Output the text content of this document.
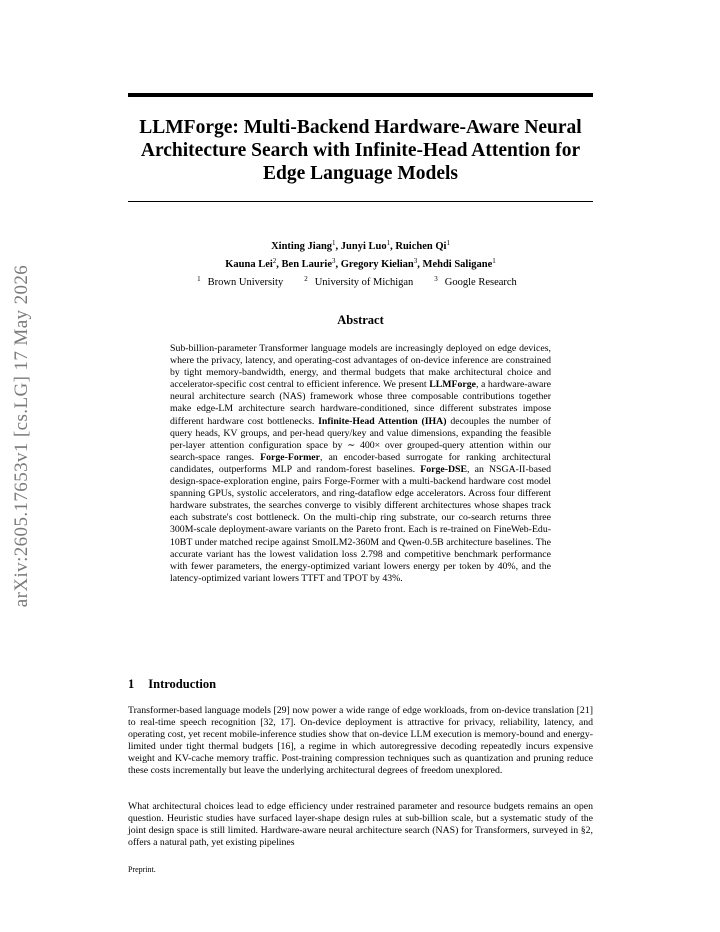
arXiv:2605.17653v1 [cs.LG] 17 May 2026
LLMForge: Multi-Backend Hardware-Aware Neural Architecture Search with Infinite-Head Attention for Edge Language Models
Xinting Jiang$^1$, Junyi Luo$^1$, Ruichen Qi$^1$
Kauna Lei$^2$, Ben Laurie$^3$, Gregory Kielian$^3$, Mehdi Saligane$^1$
$^1$ Brown University	$^2$ University of Michigan	$^3$ Google Research
Abstract
Sub-billion-parameter Transformer language models are increasingly deployed on edge devices, where the privacy, latency, and operating-cost advantages of on-device inference are constrained by tight memory-bandwidth, energy, and thermal budgets that make architectural choice and accelerator-specific cost central to efficient inference. We present LLMForge, a hardware-aware neural architecture search (NAS) framework whose three composable contributions together make edge-LM architecture search hardware-conditioned, since different substrates impose different hardware cost bottlenecks. Infinite-Head Attention (IHA) decouples the number of query heads, KV groups, and per-head query/key and value dimensions, expanding the feasible per-layer attention configuration space by ∼ 400× over grouped-query attention within our search-space ranges. Forge-Former, an encoder-based surrogate for ranking architectural candidates, outperforms MLP and random-forest baselines. Forge-DSE, an NSGA-II-based design-space-exploration engine, pairs Forge-Former with a multi-backend hardware cost model spanning GPUs, systolic accelerators, and ring-dataflow edge accelerators. Across four different hardware substrates, the searches converge to visibly different architectures whose shapes track each substrate's cost bottleneck. On the multi-chip ring substrate, our co-search returns three 300M-scale deployment-aware variants on the Pareto front. Each is re-trained on FineWeb-Edu-10BT under matched recipe against SmolLM2-360M and Qwen-0.5B architecture baselines. The accurate variant has the lowest validation loss 2.798 and competitive benchmark performance with fewer parameters, the energy-optimized variant lowers energy per token by 40%, and the latency-optimized variant lowers TTFT and TPOT by 43%.
1 Introduction
Transformer-based language models [29] now power a wide range of edge workloads, from on-device translation [21] to real-time speech recognition [32, 17]. On-device deployment is attractive for privacy, reliability, latency, and operating cost, yet recent mobile-inference studies show that on-device LLM execution is memory-bound and energy-limited under tight thermal budgets [16], a regime in which autoregressive decoding repeatedly incurs expensive weight and KV-cache memory traffic. Post-training compression techniques such as quantization and pruning reduce these costs incrementally but leave the underlying architectural degrees of freedom unexplored.
What architectural choices lead to edge efficiency under restrained parameter and resource budgets remains an open question. Heuristic studies have surfaced layer-shape design rules at sub-billion scale, but a systematic study of the joint design space is still limited. Hardware-aware neural architecture search (NAS) for Transformers, surveyed in §2, offers a natural path, yet existing pipelines
Preprint.
